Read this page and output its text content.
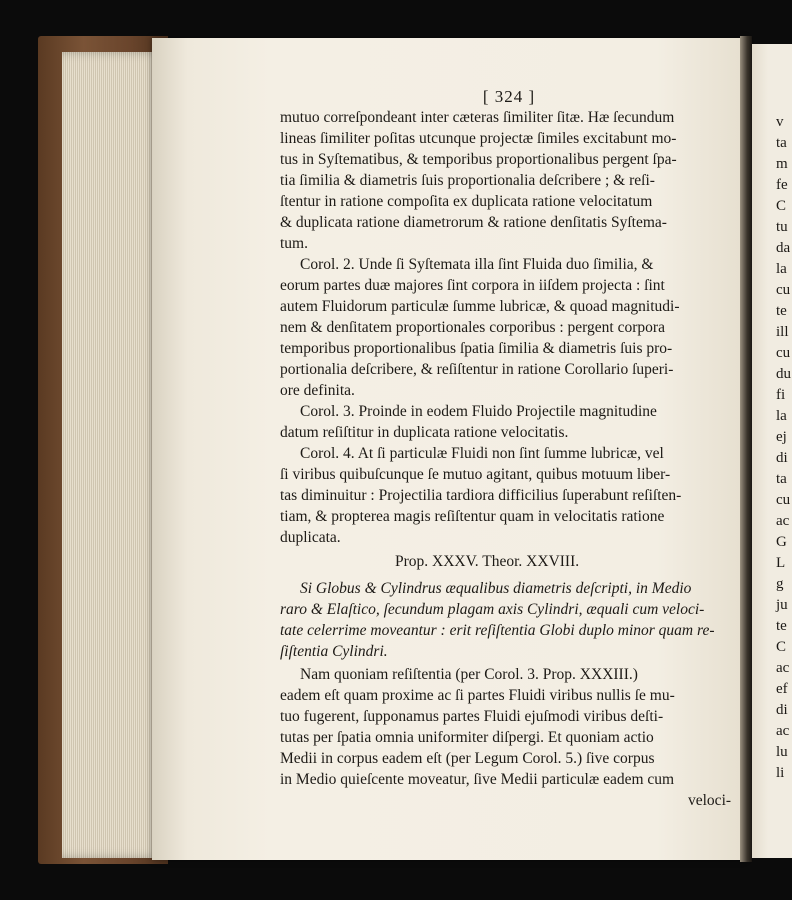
[ 324 ]
mutuo correſpondeant inter cæteras ſimiliter ſitæ. Hæ ſecundum
lineas ſimiliter poſitas utcunque projectæ ſimiles excitabunt mo-
tus in Syſtematibus, & temporibus proportionalibus pergent ſpa-
tia ſimilia & diametris ſuis proportionalia deſcribere ; & reſi-
ſtentur in ratione compoſita ex duplicata ratione velocitatum
& duplicata ratione diametrorum & ratione denſitatis Syſtema-
tum.
Corol. 2. Unde ſi Syſtemata illa ſint Fluida duo ſimilia, &
eorum partes duæ majores ſint corpora in iiſdem projecta : ſint
autem Fluidorum particulæ ſumme lubricæ, & quoad magnitudi-
nem & denſitatem proportionales corporibus : pergent corpora
temporibus proportionalibus ſpatia ſimilia & diametris ſuis pro-
portionalia deſcribere, & reſiſtentur in ratione Corollario ſuperi-
ore definita.
Corol. 3. Proinde in eodem Fluido Projectile magnitudine
datum reſiſtitur in duplicata ratione velocitatis.
Corol. 4. At ſi particulæ Fluidi non ſint ſumme lubricæ, vel
ſi viribus quibuſcunque ſe mutuo agitant, quibus motuum liber-
tas diminuitur : Projectilia tardiora difficilius ſuperabunt reſiſten-
tiam, & propterea magis reſiſtentur quam in velocitatis ratione
duplicata.
Prop. XXXV. Theor. XXVIII.
Si Globus & Cylindrus æqualibus diametris deſcripti, in Medio
raro & Elaſtico, ſecundum plagam axis Cylindri, æquali cum veloci-
tate celerrime moveantur : erit reſiſtentia Globi duplo minor quam re-
ſiſtentia Cylindri.
Nam quoniam reſiſtentia (per Corol. 3. Prop. XXXIII.)
eadem eſt quam proxime ac ſi partes Fluidi viribus nullis ſe mu-
tuo fugerent, ſupponamus partes Fluidi ejuſmodi viribus deſti-
tutas per ſpatia omnia uniformiter diſpergi. Et quoniam actio
Medii in corpus eadem eſt (per Legum Corol. 5.) ſive corpus
in Medio quieſcente moveatur, ſive Medii particulæ eadem cum
veloci-
v
ta
m
fe
C
tu
da
la
cu
te
ill
cu
du
fi
la
ej
di
ta
cu
ac
G
L
g
ju
te
C
ac
ef
di
ac
lu
li
